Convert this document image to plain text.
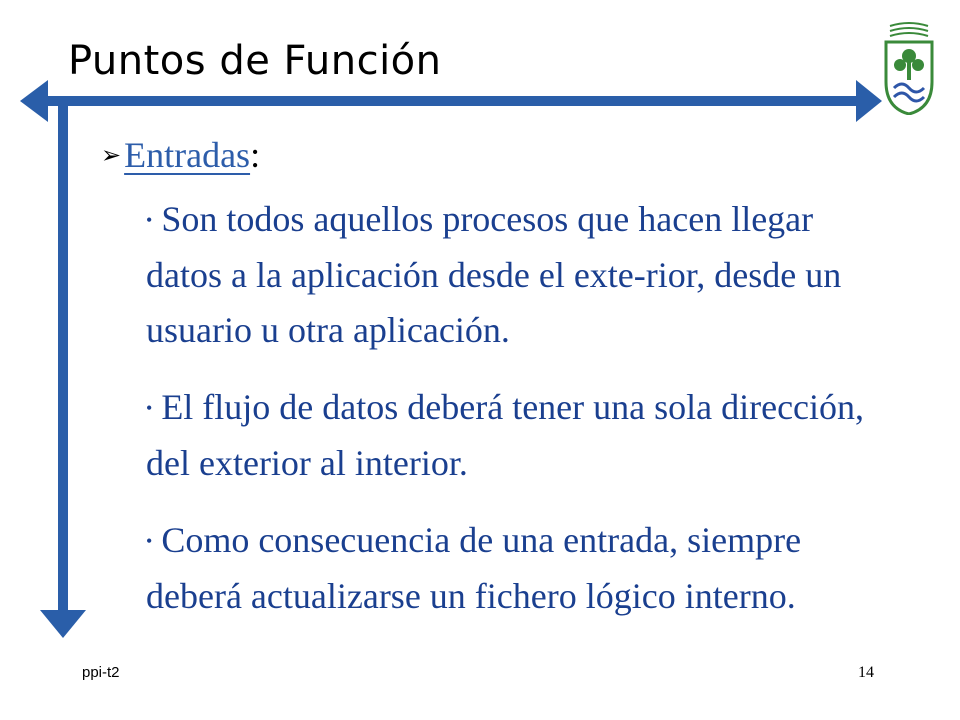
Puntos de Función
➢Entradas:
• Son todos aquellos procesos que hacen llegar datos a la aplicación desde el exte-rior, desde un usuario u otra aplicación.
• El flujo de datos deberá tener una sola dirección, del exterior al interior.
• Como consecuencia de una entrada, siempre deberá actualizarse un fichero lógico interno.
ppi-t2	14
